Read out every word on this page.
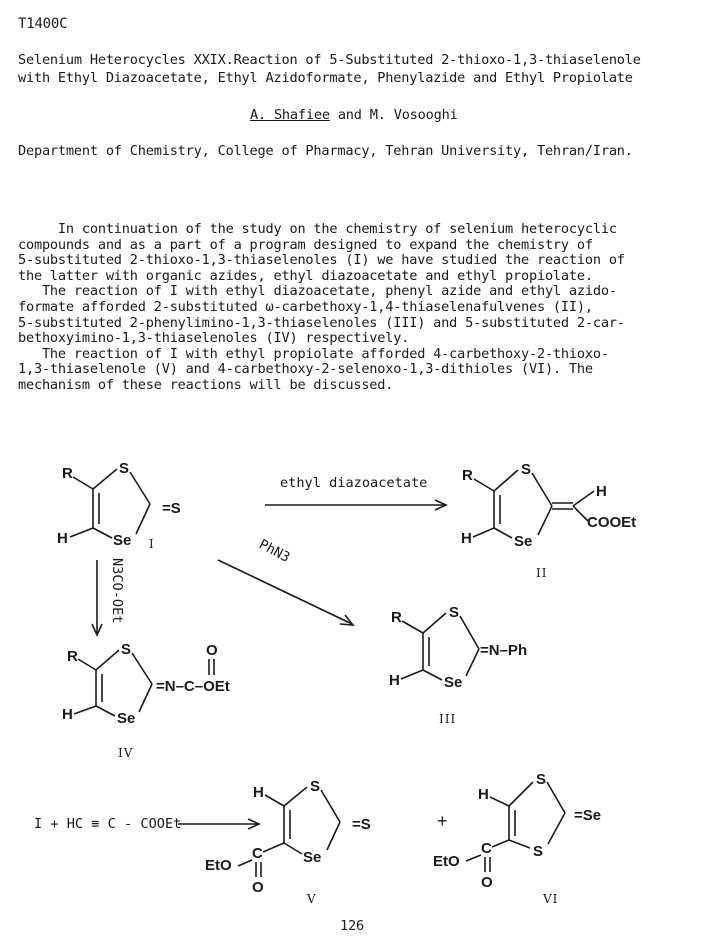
T1400C
Selenium Heterocycles XXIX.Reaction of 5-Substituted 2-thioxo-1,3-thiaselenole
with Ethyl Diazoacetate, Ethyl Azidoformate, Phenylazide and Ethyl Propiolate
A. Shafiee and M. Vosooghi
Department of Chemistry, College of Pharmacy, Tehran University, Tehran/Iran.

In continuation of the study on the chemistry of selenium heterocyclic

compounds and as a part of a program designed to expand the chemistry of

5-substituted 2-thioxo-1,3-thiaselenoles (I) we have studied the reaction of

the latter with organic azides, ethyl diazoacetate and ethyl propiolate.

The reaction of I with ethyl diazoacetate, phenyl azide and ethyl azido-

formate afforded 2-substituted ω-carbethoxy-1,4-thiaselenafulvenes (II),

5-substituted 2-phenylimino-1,3-thiaselenoles (III) and 5-substituted 2-car-

bethoxyimino-1,3-thiaselenoles (IV) respectively.

The reaction of I with ethyl propiolate afforded 4-carbethoxy-2-thioxo-

1,3-thiaselenole (V) and 4-carbethoxy-2-selenoxo-1,3-dithioles (VI). The

mechanism of these reactions will be discussed.

R	S
=S
H	Se I
ethyl diazoacetate R	S
H
COOEt
H	Se
II
PhN3
N3CO-OEt	R	S
=N–Ph
H	Se
III
R	S	O
=N–C–OEt
H	Se
IV
I + HC ≡ C - COOEt
H	S
=S
Se
EtO
C
O
V
+
H
S
=Se
S
EtO
C
O
VI
126
